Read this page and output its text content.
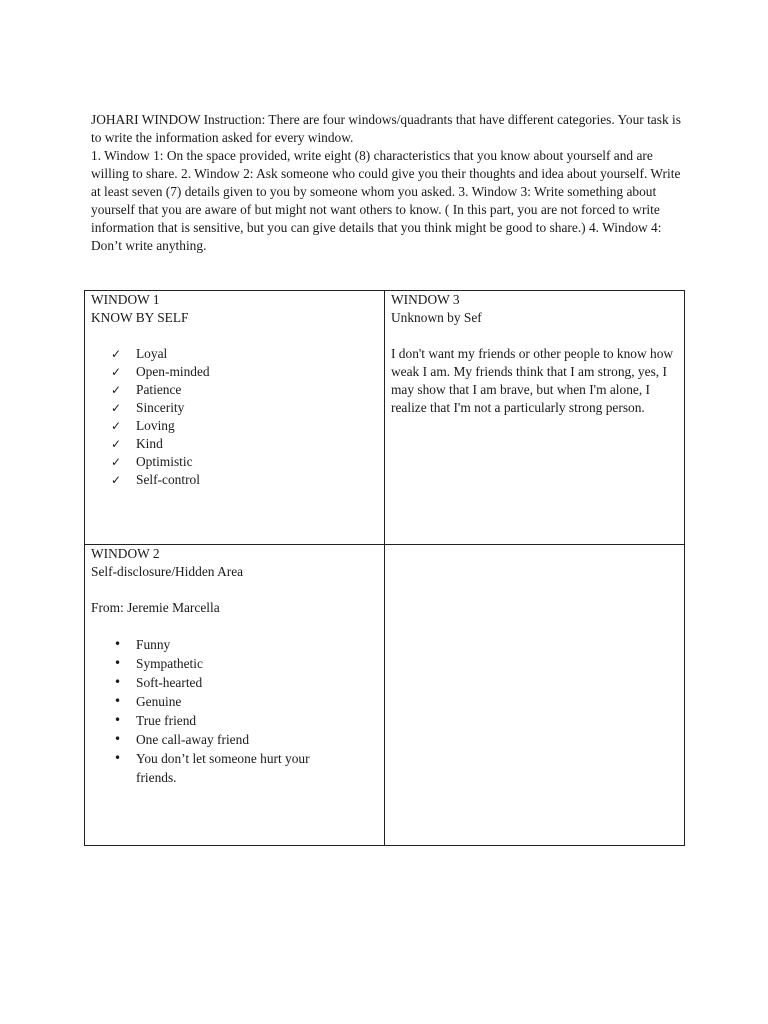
JOHARI WINDOW Instruction: There are four windows/quadrants that have different categories. Your task is to write the information asked for every window.

1. Window 1: On the space provided, write eight (8) characteristics that you know about yourself and are willing to share. 2. Window 2: Ask someone who could give you their thoughts and idea about yourself. Write at least seven (7) details given to you by someone whom you asked. 3. Window 3: Write something about yourself that you are aware of but might not want others to know. ( In this part, you are not forced to write information that is sensitive, but you can give details that you think might be good to share.) 4. Window 4: Don’t write anything.

WINDOW 1
KNOW BY SELF
✓ Loyal
✓ Open-minded
✓ Patience
✓ Sincerity
✓ Loving
✓ Kind
✓ Optimistic
✓ Self-control
WINDOW 3
Unknown by Sef
I don't want my friends or other people to know how weak I am. My friends think that I am strong, yes, I may show that I am brave, but when I'm alone, I realize that I'm not a particularly strong person.
WINDOW 2
Self-disclosure/Hidden Area
From: Jeremie Marcella
• Funny
• Sympathetic
• Soft-hearted
• Genuine
• True friend
• One call-away friend
• You don’t let someone hurt your friends.
